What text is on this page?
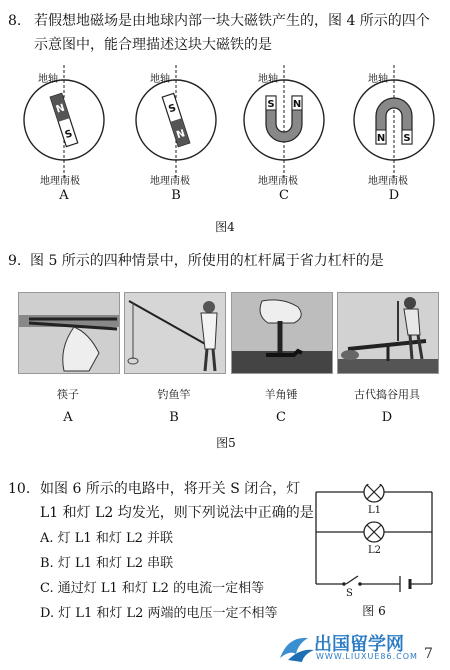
8. 若假想地磁场是由地球内部一块大磁铁产生的，图 4 所示的四个
示意图中，能合理描述这块大磁铁的是
N
S
S
N
S N
N S
地轴	地轴	地轴	地轴
地理南极	地理南极	地理南极	地理南极
A	B	C	D
图4
9. 图 5 所示的四种情景中，所使用的杠杆属于省力杠杆的是
筷子	钓鱼竿	羊角锤	古代捣谷用具
A	B	C	D
图5
10. 如图 6 所示的电路中，将开关 S 闭合，灯
L1 和灯 L2 均发光，则下列说法中正确的是
A. 灯 L1 和灯 L2 并联
B. 灯 L1 和灯 L2 串联
C. 通过灯 L1 和灯 L2 的电流一定相等
D. 灯 L1 和灯 L2 两端的电压一定不相等
L1
L2
S
图 6
出国留学网
WWW.LIUXUE86.COM 7
